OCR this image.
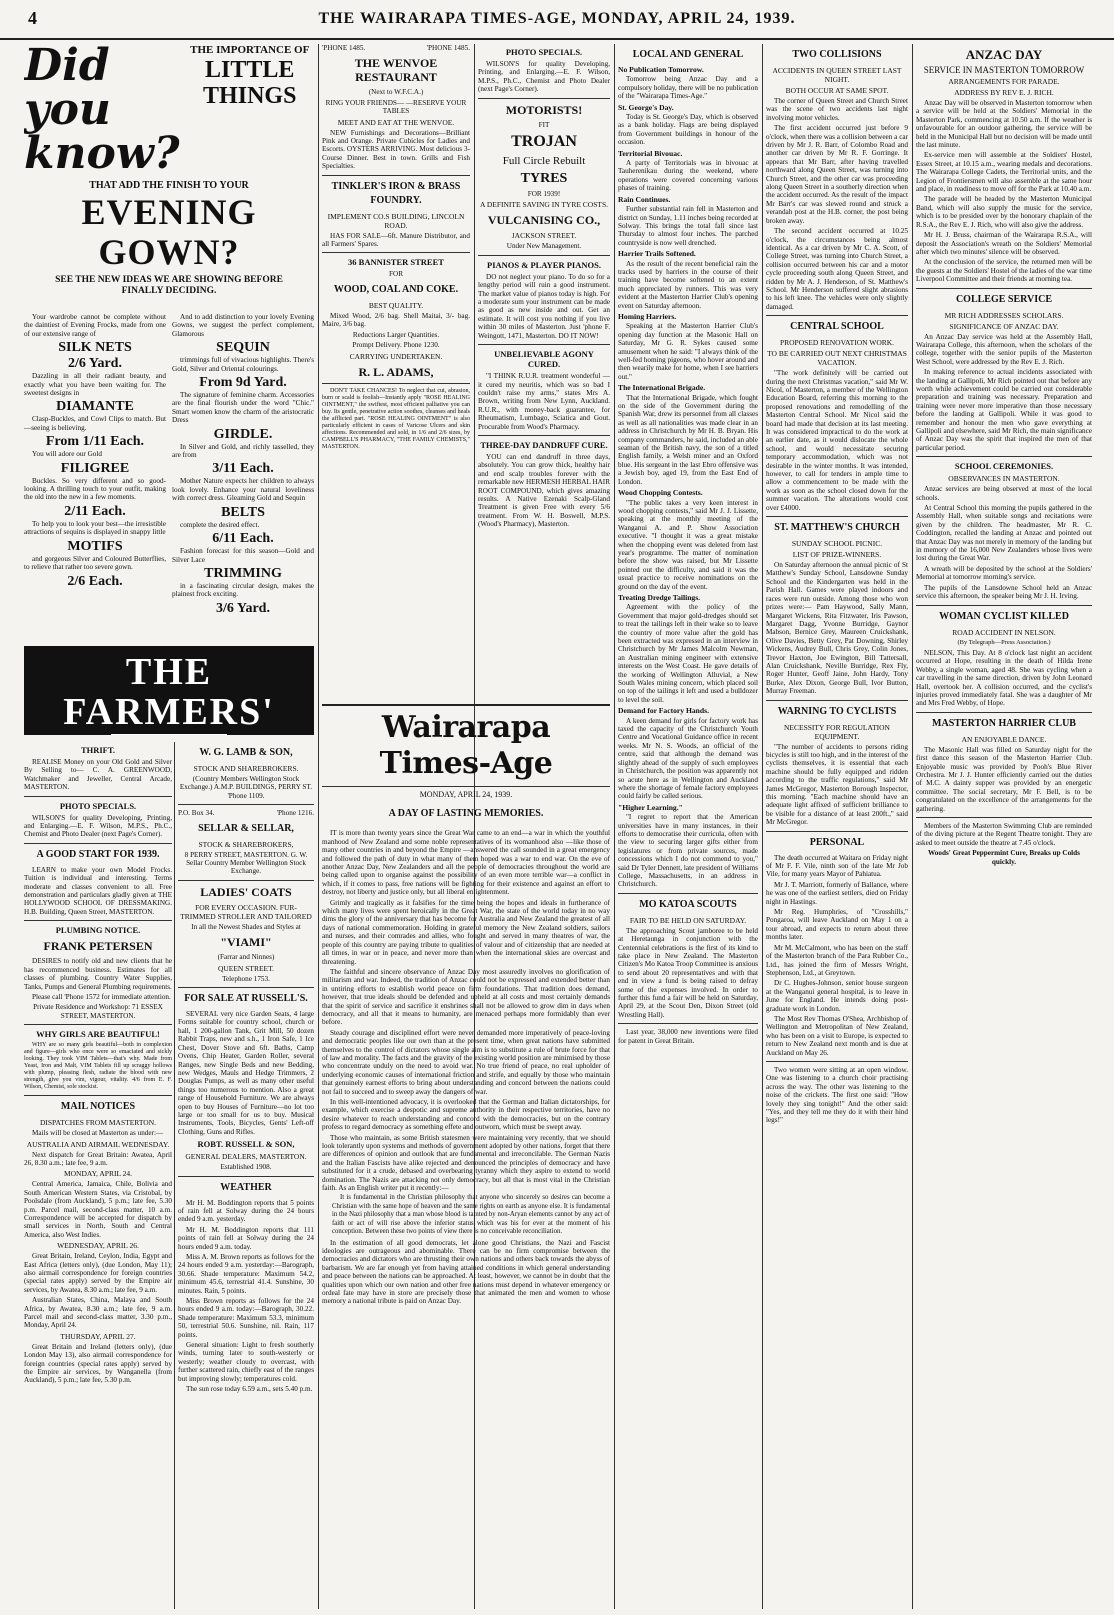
4	THE WAIRARAPA TIMES-AGE, MONDAY, APRIL 24, 1939.
Did you know?
THE IMPORTANCE OF
LITTLE THINGS
THAT ADD THE FINISH TO YOUR
EVENING GOWN?
SEE THE NEW IDEAS WE ARE SHOWING BEFORE FINALLY DECIDING.

Your wardrobe cannot be complete without the daintiest of Evening Frocks, made from one of our extensive range of

SILK NETS
2/6 Yard.

Dazzling in all their radiant beauty, and exactly what you have been waiting for. The sweetest designs in

DIAMANTE

Clasp-Buckles, and Cowl Clips to match. But—seeing is believing.

From 1/11 Each.

You will adore our Gold

FILIGREE

Buckles. So very different and so good-looking. A thrilling touch to your outfit, making the old into the new in a few moments.

2/11 Each.

To help you to look your best—the irresistible attractions of sequins is displayed in snappy little

MOTIFS

and gorgeous Silver and Coloured Butterflies, to relieve that rather too severe gown.

2/6 Each.

And to add distinction to your lovely Evening Gowns, we suggest the perfect complement, Glamorous

SEQUIN

trimmings full of vivacious highlights. There's Gold, Silver and Oriental colourings.

From 9d Yard.

The signature of feminine charm. Accessories are the final flourish under the word "Chic." Smart women know the charm of the aristocratic Dress

GIRDLE.

In Silver and Gold, and richly tasselled, they are from

3/11 Each.

Mother Nature expects her children to always look lovely. Enhance your natural loveliness with correct dress. Gleaming Gold and Sequin

BELTS

complete the desired effect.

6/11 Each.

Fashion forecast for this season—Gold and Silver Lace

TRIMMING

in a fascinating circular design, makes the plainest frock exciting.

3/6 Yard.
THE FARMERS'
THRIFT.

REALISE Money on your Old Gold and Silver By Selling to— C. A. GREENWOOD, Watchmaker and Jeweller, Central Arcade, MASTERTON.

PHOTO SPECIALS.

WILSON'S for quality Developing, Printing, and Enlarging.—E. F. Wilson, M.P.S., Ph.C., Chemist and Photo Dealer (next Page's Corner).

A GOOD START FOR 1939.

LEARN to make your own Model Frocks. Tuition is individual and interesting. Terms moderate and classes convenient to all. Free demonstration and particulars gladly given at THE HOLLYWOOD SCHOOL OF DRESSMAKING. H.B. Building, Queen Street, MASTERTON.

PLUMBING NOTICE.
FRANK PETERSEN

DESIRES to notify old and new clients that he has recommenced business. Estimates for all classes of plumbing. Country Water Supplies, Tanks, Pumps and General Plumbing requirements.

Please call 'Phone 1572 for immediate attention.

Private Residence and Workshop: 71 ESSEX STREET, MASTERTON.

WHY GIRLS ARE BEAUTIFUL!

WHY are so many girls beautiful—both in complexion and figure—girls who once were so emaciated and sickly looking. They took VIM Tablets—that's why. Made from Yeast, Iron and Malt, VIM Tablets fill up scraggy hollows with plump, pleasing flesh, radiate the blood with new strength, give you vim, vigour, vitality. 4/6 from E. F. Wilson, Chemist, sole stockist.

MAIL NOTICES
DISPATCHES FROM MASTERTON.

Mails will be closed at Masterton as under:—

AUSTRALIA AND AIRMAIL WEDNESDAY.

Next dispatch for Great Britain: Awatea, April 26, 8.30 a.m.; late fee, 9 a.m.

MONDAY, APRIL 24.

Central America, Jamaica, Chile, Bolivia and South American Western States, via Cristobal, by Poolsdale (from Auckland), 5 p.m.; late fee, 5.30 p.m. Parcel mail, second-class matter, 10 a.m. Correspondence will be accepted for dispatch by small services in North, South and Central America, also West Indies.

WEDNESDAY, APRIL 26.

Great Britain, Ireland, Ceylon, India, Egypt and East Africa (letters only), (due London, May 11); also airmail correspondence for foreign countries (special rates apply) served by the Empire air services, by Awatea, 8.30 a.m.; late fee, 9 a.m.

Australian States, China, Malaya and South Africa, by Awatea, 8.30 a.m.; late fee, 9 a.m. Parcel mail and second-class matter, 3.30 p.m., Monday, April 24.

THURSDAY, APRIL 27.

Great Britain and Ireland (letters only), (due London May 13), also airmail correspondence for foreign countries (special rates apply) served by the Empire air services, by Wanganella (from Auckland), 5 p.m.; late fee, 5.30 p.m.

W. G. LAMB & SON,
STOCK AND SHAREBROKERS.

(Country Members Wellington Stock Exchange.) A.M.P. BUILDINGS, PERRY ST. 'Phone 1109.

P.O. Box 34.	'Phone 1216.
SELLAR & SELLAR,
STOCK & SHAREBROKERS,

8 PERRY STREET, MASTERTON. G. W. Sellar Country Member Wellington Stock Exchange.

LADIES' COATS
FOR EVERY OCCASION. FUR-TRIMMED STROLLER AND TAILORED

In all the Newest Shades and Styles at

"VIAMI"

(Farrar and Ninnes)

QUEEN STREET.

Telephone 1753.

FOR SALE AT RUSSELL'S.

SEVERAL very nice Garden Seats, 4 large Forms suitable for country school, church or hall, 1 200-gallon Tank, Grit Mill, 50 dozen Rabbit Traps, new and s.h., 1 Iron Safe, 1 Ice Chest, Dover Stove and 6ft. Baths, Camp Ovens, Chip Heater, Garden Roller, several Ranges, new Single Beds and new Bedding, new Wedges, Mauls and Hedge Trimmers, 2 Douglas Pumps, as well as many other useful things too numerous to mention. Also a great range of Household Furniture. We are always open to buy Houses of Furniture—no lot too large or too small for us to buy. Musical Instruments, Tools, Bicycles, Gents' Left-off Clothing, Guns and Rifles.

ROBT. RUSSELL & SON,
GENERAL DEALERS, MASTERTON.

Established 1908.

WEATHER

Mr H. M. Boddington reports that 5 points of rain fell at Solway during the 24 hours ended 9 a.m. yesterday.

Mr H. M. Boddington reports that 111 points of rain fell at Solway during the 24 hours ended 9 a.m. today.

Miss A. M. Brown reports as follows for the 24 hours ended 9 a.m. yesterday:—Barograph, 30.66. Shade temperature: Maximum 54.2, minimum 45.6, terrestrial 41.4. Sunshine, 30 minutes. Rain, 5 points.

Miss Brown reports as follows for the 24 hours ended 9 a.m. today:—Barograph, 30.22. Shade temperature: Maximum 53.3, minimum 50, terrestrial 50.6. Sunshine, nil. Rain, 117 points.

General situation: Light to fresh southerly winds, turning later to south-westerly or westerly; weather cloudy to overcast, with further scattered rain, chiefly east of the ranges but improving slowly; temperatures cold.

The sun rose today 6.59 a.m., sets 5.40 p.m.

'PHONE 1485.	'PHONE 1485.
THE WENVOE RESTAURANT

(Next to W.F.C.A.)

RING YOUR FRIENDS— —RESERVE YOUR TABLES

MEET AND EAT AT THE WENVOE.

NEW Furnishings and Decorations—Brilliant Pink and Orange. Private Cubicles for Ladies and Escorts. OYSTERS ARRIVING. Most delicious 3-Course Dinner. Best in town. Grills and Fish Specialties.

TINKLER'S IRON & BRASS FOUNDRY.
IMPLEMENT CO.S BUILDING, LINCOLN ROAD.

HAS FOR SALE—6ft. Manure Distributor, and all Farmers' Spares.

36 BANNISTER STREET

FOR

WOOD, COAL AND COKE.
BEST QUALITY.

Mixed Wood, 2/6 bag. Shell Maitai, 3/- bag. Maire, 3/6 bag.

Reductions Larger Quantities.

Prompt Delivery. Phone 1230.

CARRYING UNDERTAKEN.
R. L. ADAMS,

DON'T TAKE CHANCES! To neglect that cut, abrasion, burn or scald is foolish—Instantly apply "ROSE HEALING OINTMENT," the swiftest, most efficient palliative you can buy. Its gentle, penetrative action soothes, cleanses and heals the afflicted part. "ROSE HEALING OINTMENT" is also particularly efficient in cases of Varicose Ulcers and skin affections. Recommended and sold, in 1/6 and 2/6 sizes, by CAMPBELL'S PHARMACY, "THE FAMILY CHEMISTS," MASTERTON.

PHOTO SPECIALS.

WILSON'S for quality Developing, Printing, and Enlarging.—E. F. Wilson, M.P.S., Ph.C., Chemist and Photo Dealer (next Page's Corner).

MOTORISTS!

FIT

TROJAN
Full Circle Rebuilt
TYRES

FOR 1939!

A DEFINITE SAVING IN TYRE COSTS.
VULCANISING CO.,
JACKSON STREET.

Under New Management.

PIANOS & PLAYER PIANOS.

DO not neglect your piano. To do so for a lengthy period will ruin a good instrument. The market value of pianos today is high. For a moderate sum your instrument can be made as good as new inside and out. Get an estimate. It will cost you nothing if you live within 30 miles of Masterton. Just 'phone F. Weingott, 1471, Masterton. DO IT NOW!

UNBELIEVABLE AGONY CURED.

"I THINK R.U.R. treatment wonderful —it cured my neuritis, which was so bad I couldn't raise my arms," states Mrs A. Brown, writing from New Lynn, Auckland. R.U.R., with money-back guarantee, for Rheumatism, Lumbago, Sciatica and Gout. Procurable from Wood's Pharmacy.

THREE-DAY DANDRUFF CURE.

YOU can end dandruff in three days, absolutely. You can grow thick, healthy hair and end scalp troubles forever with the remarkable new HERMESH HERBAL HAIR ROOT COMPOUND, which gives amazing results. A Native Ezenaki Scalp-Gland Treatment is given Free with every 5/6 treatment. From W. H. Boswell, M.P.S. (Wood's Pharmacy), Masterton.

Wairarapa Times-Age
MONDAY, APRIL 24, 1939.
A DAY OF LASTING MEMORIES.

IT is more than twenty years since the Great War came to an end—a war in which the youthful manhood of New Zealand and some noble representatives of its womanhood also —like those of many other countries in and beyond the Empire —answered the call sounded in a great emergency and followed the path of duty in what many of them hoped was a war to end war. On the eve of another Anzac Day, New Zealanders and all the people of democracies throughout the world are being called upon to organise against the possibility of an even more terrible war—a conflict in which, if it comes to pass, free nations will be fighting for their existence and against an effort to destroy, not liberty and justice only, but all liberal enlightenment.

Grimly and tragically as it falsifies for the time being the hopes and ideals in furtherance of which many lives were spent heroically in the Great War, the state of the world today in no way dims the glory of the anniversary that has become for Australia and New Zealand the greatest of all days of national commemoration. Holding in grateful memory the New Zealand soldiers, sailors and nurses, and their comrades and allies, who fought and served in many theatres of war, the people of this country are paying tribute to qualities of valour and of citizenship that are needed at all times, in war or in peace, and never more than when the international skies are overcast and threatening.

The faithful and sincere observance of Anzac Day most assuredly involves no glorification of militarism and war. Indeed, the tradition of Anzac could not be expressed and extended better than in untiring efforts to establish world peace on firm foundations. That tradition does demand, however, that true ideals should be defended and upheld at all costs and most certainly demands that the spirit of service and sacrifice it enshrines shall not be allowed to grow dim in days when democracy, and all that it means to humanity, are menaced perhaps more formidably than ever before.

Steady courage and disciplined effort were never demanded more imperatively of peace-loving and democratic peoples like our own than at the present time, when great nations have submitted themselves to the control of dictators whose single aim is to substitute a rule of brute force for that of law and morality. The facts and the gravity of the existing world position are minimised by those who concentrate unduly on the need to avoid war. No true friend of peace, no real upholder of underlying economic causes of international friction and strife, and equally by those who maintain that genuinely earnest efforts to bring about understanding and concord between the nations could not fail to succeed and to sweep away the dangers of war.

In this well-intentioned advocacy, it is overlooked that the German and Italian dictatorships, for example, which exercise a despotic and supreme authority in their respective territories, have no desire whatever to reach understanding and concord with the democracies, but on the contrary profess to regard democracy as something effete and outworn, which must be swept away.

Those who maintain, as some British statesmen were maintaining very recently, that we should look tolerantly upon systems and methods of government adopted by other nations, forget that there are differences of opinion and outlook that are fundamental and irreconcilable. The German Nazis and the Italian Fascists have alike rejected and denounced the principles of democracy and have substituted for it a crude, debased and overbearing tyranny which they aspire to extend to world domination. The Nazis are attacking not only democracy, but all that is most vital in the Christian faith. As an English writer put it recently:—

It is fundamental in the Christian philosophy that anyone who sincerely so desires can become a Christian with the same hope of heaven and the same rights on earth as anyone else. It is fundamental in the Nazi philosophy that a man whose blood is tainted by non-Aryan elements cannot by any act of faith or act of will rise above the inferior status which was his for ever at the moment of his conception. Between these two points of view there is no conceivable reconciliation.

In the estimation of all good democrats, let alone good Christians, the Nazi and Fascist ideologies are outrageous and abominable. There can be no firm compromise between the democracies and dictators who are thrusting their own nations and others back towards the abyss of barbarism. We are far enough yet from having attained conditions in which general understanding and peace between the nations can be approached. At least, however, we cannot be in doubt that the qualities upon which our own nation and other free nations must depend in whatever emergency or ordeal fate may have in store are precisely those that animated the men and women to whose memory a national tribute is paid on Anzac Day.

LOCAL AND GENERAL
No Publication Tomorrow.

Tomorrow being Anzac Day and a compulsory holiday, there will be no publication of the "Wairarapa Times-Age."

St. George's Day.

Today is St. George's Day, which is observed as a bank holiday. Flags are being displayed from Government buildings in honour of the occasion.

Territorial Bivouac.

A party of Territorials was in bivouac at Tauherenikau during the weekend, where operations were covered concerning various phases of training.

Rain Continues.

Further substantial rain fell in Masterton and district on Sunday, 1.11 inches being recorded at Solway. This brings the total fall since last Thursday to almost four inches. The parched countryside is now well drenched.

Harrier Trails Softened.

As the result of the recent beneficial rain the tracks used by harriers in the course of their training have become softened to an extent much appreciated by runners. This was very evident at the Masterton Harrier Club's opening event on Saturday afternoon.

Homing Harriers.

Speaking at the Masterton Harrier Club's opening day function at the Masonic Hall on Saturday, Mr G. R. Sykes caused some amusement when he said: "I always think of the well-fed homing pigeons, who hover around and then wearily make for home, when I see harriers out."

The International Brigade.

That the International Brigade, which fought on the side of the Government during the Spanish War, drew its personnel from all classes as well as all nationalities was made clear in an address in Christchurch by Mr H. B. Bryan. His company commanders, he said, included an able seaman of the British navy, the son of a titled English family, a Welsh miner and an Oxford blue. His sergeant in the last Ebro offensive was a Jewish boy, aged 19, from the East End of London.

Wood Chopping Contests.

"The public takes a very keen interest in wood chopping contests," said Mr J. J. Lissette, speaking at the monthly meeting of the Wanganui A. and P. Show Association executive. "I thought it was a great mistake when the chopping event was deleted from last year's programme. The matter of nomination before the show was raised, but Mr Lissette pointed out the difficulty, and said it was the usual practice to receive nominations on the ground on the day of the event.

Treating Dredge Tailings.

Agreement with the policy of the Government that major gold-dredges should set to treat the tailings left in their wake so to leave the country of more value after the gold has been extracted was expressed in an interview in Christchurch by Mr James Malcolm Newman, an Australian mining engineer with extensive interests on the West Coast. He gave details of the working of Wellington Alluvial, a New South Wales mining concern, which placed soil on top of the tailings it left and used a bulldozer to level the soil.

Demand for Factory Hands.

A keen demand for girls for factory work has taxed the capacity of the Christchurch Youth Centre and Vocational Guidance office in recent weeks. Mr N. S. Woods, an official of the centre, said that although the demand was slightly ahead of the supply of such employees in Christchurch, the position was apparently not so acute here as in Wellington and Auckland where the shortage of female factory employees could fairly be called serious.

"Higher Learning."

"I regret to report that the American universities have in many instances, in their efforts to democratise their curricula, often with the view to securing larger gifts either from legislatures or from private sources, made concessions which I do not commend to you," said Dr Tyler Dennett, late president of Williams College, Massachusetts, in an address in Christchurch.

MO KATOA SCOUTS
FAIR TO BE HELD ON SATURDAY.

The approaching Scout jamboree to be held at Heretaunga in conjunction with the Centennial celebrations is the first of its kind to take place in New Zealand. The Masterton Citizen's Mo Katoa Troop Committee is anxious to send about 20 representatives and with that end in view a fund is being raised to defray some of the expenses involved. In order to further this fund a fair will be held on Saturday, April 29, at the Scout Den, Dixon Street (old Wrestling Hall).

Last year, 38,000 new inventions were filed for patent in Great Britain.

TWO COLLISIONS
ACCIDENTS IN QUEEN STREET LAST NIGHT.
BOTH OCCUR AT SAME SPOT.

The corner of Queen Street and Church Street was the scene of two accidents last night involving motor vehicles.

The first accident occurred just before 9 o'clock, when there was a collision between a car driven by Mr J. R. Barr, of Colombo Road and another car driven by Mr R. F. Gorringe. It appears that Mr Barr, after having travelled northward along Queen Street, was turning into Church Street, and the other car was proceeding along Queen Street in a southerly direction when the accident occurred. As the result of the impact Mr Barr's car was slewed round and struck a verandah post at the H.B. corner, the post being broken away.

The second accident occurred at 10.25 o'clock, the circumstances being almost identical. As a car driven by Mr C. A. Scott, of College Street, was turning into Church Street, a collision occurred between his car and a motor cycle proceeding south along Queen Street, and ridden by Mr A. J. Henderson, of St. Matthew's School. Mr Henderson suffered slight abrasions to his left knee. The vehicles were only slightly damaged.

CENTRAL SCHOOL
PROPOSED RENOVATION WORK.
TO BE CARRIED OUT NEXT CHRISTMAS VACATION.

"The work definitely will be carried out during the next Christmas vacation," said Mr W. Nicol, of Masterton, a member of the Wellington Education Board, referring this morning to the proposed renovations and remodelling of the Masterton Central School. Mr Nicol said the board had made that decision at its last meeting. It was considered impractical to do the work at an earlier date, as it would dislocate the whole school, and would necessitate securing temporary accommodation, which was not desirable in the winter months. It was intended, however, to call for tenders in ample time to allow a commencement to be made with the work as soon as the school closed down for the summer vacation. The alterations would cost over £4000.

ST. MATTHEW'S CHURCH
SUNDAY SCHOOL PICNIC.
LIST OF PRIZE-WINNERS.

On Saturday afternoon the annual picnic of St Matthew's Sunday School, Lansdowne Sunday School and the Kindergarten was held in the Parish Hall. Games were played indoors and races were run outside. Among those who won prizes were:— Pam Haywood, Sally Mann, Margaret Wickens, Rita Fitzwater, Iris Pawson, Margaret Dagg, Yvonne Burridge, Gaynor Mabson, Bernice Grey, Maureen Cruickshank, Olive Davies, Betty Grey, Pat Downing, Shirley Wickens, Audrey Bull, Chris Grey, Colin Jones, Trevor Haxton, Joe Ewington, Bill Tattersall, Alan Cruickshank, Neville Burridge, Rex Fly, Roger Hunter, Geoff Jaine, John Hardy, Tony Burke, Alex Dixon, George Bull, Ivor Button, Murray Freeman.

WARNING TO CYCLISTS
NECESSITY FOR REGULATION EQUIPMENT.

"The number of accidents to persons riding bicycles is still too high, and in the interest of the cyclists themselves, it is essential that each machine should be fully equipped and ridden according to the traffic regulations," said Mr James McGregor, Masterton Borough Inspector, this morning. "Each machine should have an adequate light affixed of sufficient brilliance to be visible for a distance of at least 200ft.," said Mr McGregor.

PERSONAL

The death occurred at Waitara on Friday night of Mr F. F. Vile, ninth son of the late Mr Job Vile, for many years Mayor of Pahiatua.

Mr J. T. Marriott, formerly of Ballance, where he was one of the earliest settlers, died on Friday night in Hastings.

Mr Reg. Humphries, of "Crosshills," Pongaroa, will leave Auckland on May 1 on a tour abroad, and expects to return about three months later.

Mr M. McCalmont, who has been on the staff of the Masterton branch of the Para Rubber Co., Ltd., has joined the firm of Messrs Wright, Stephenson, Ltd., at Greytown.

Dr C. Hughes-Johnson, senior house surgeon at the Wanganui general hospital, is to leave in June for England. He intends doing post-graduate work in London.

The Most Rev Thomas O'Shea, Archbishop of Wellington and Metropolitan of New Zealand, who has been on a visit to Europe, is expected to return to New Zealand next month and is due at Auckland on May 26.

Two women were sitting at an open window. One was listening to a church choir practising across the way. The other was listening to the noise of the crickets. The first one said: "How lovely they sing tonight!" And the other said: "Yes, and they tell me they do it with their hind legs!"

ANZAC DAY
SERVICE IN MASTERTON TOMORROW
ARRANGEMENTS FOR PARADE.
ADDRESS BY REV E. J. RICH.

Anzac Day will be observed in Masterton tomorrow when a service will be held at the Soldiers' Memorial in the Masterton Park, commencing at 10.50 a.m. If the weather is unfavourable for an outdoor gathering, the service will be held in the Municipal Hall but no decision will be made until the last minute.

Ex-service men will assemble at the Soldiers' Hostel, Essex Street, at 10.15 a.m., wearing medals and decorations. The Wairarapa College Cadets, the Territorial units, and the Legion of Frontiersmen will also assemble at the same hour and place, in readiness to move off for the Park at 10.40 a.m.

The parade will be headed by the Masterton Municipal Band, which will also supply the music for the service, which is to be presided over by the honorary chaplain of the R.S.A., the Rev E. J. Rich, who will also give the address.

Mr H. J. Bruss, chairman of the Wairarapa R.S.A., will deposit the Association's wreath on the Soldiers' Memorial after which two minutes' silence will be observed.

At the conclusion of the service, the returned men will be the guests at the Soldiers' Hostel of the ladies of the war time Liverpool Committee and their friends at morning tea.

COLLEGE SERVICE
MR RICH ADDRESSES SCHOLARS.
SIGNIFICANCE OF ANZAC DAY.

An Anzac Day service was held at the Assembly Hall, Wairarapa College, this afternoon, when the scholars of the college, together with the senior pupils of the Masterton West School, were addressed by the Rev E. J. Rich.

In making reference to actual incidents associated with the landing at Gallipoli, Mr Rich pointed out that before any worth while achievement could be carried out considerable preparation and training was necessary. Preparation and training were never more imperative than those necessary before the landing at Gallipoli. While it was good to remember and honour the men who gave everything at Gallipoli and elsewhere, said Mr Rich, the main significance of Anzac Day was the spirit that inspired the men of that particular period.

SCHOOL CEREMONIES.
OBSERVANCES IN MASTERTON.

Anzac services are being observed at most of the local schools.

At Central School this morning the pupils gathered in the Assembly Hall, when suitable songs and recitations were given by the children. The headmaster, Mr R. C. Coddington, recalled the landing at Anzac and pointed out that Anzac Day was not merely in memory of the landing but in memory of the 16,000 New Zealanders whose lives were lost during the Great War.

A wreath will be deposited by the school at the Soldiers' Memorial at tomorrow morning's service.

The pupils of the Lansdowne School held an Anzac service this afternoon, the speaker being Mr J. H. Irving.

WOMAN CYCLIST KILLED
ROAD ACCIDENT IN NELSON.

(By Telegraph—Press Association.)

NELSON, This Day. At 8 o'clock last night an accident occurred at Hope, resulting in the death of Hilda Irene Webby, a single woman, aged 48. She was cycling when a car travelling in the same direction, driven by John Leonard Hall, overtook her. A collision occurred, and the cyclist's injuries proved immediately fatal. She was a daughter of Mr and Mrs Fred Webby, of Hope.

MASTERTON HARRIER CLUB
AN ENJOYABLE DANCE.

The Masonic Hall was filled on Saturday night for the first dance this season of the Masterton Harrier Club. Enjoyable music was provided by Pooh's Blue River Orchestra. Mr J. J. Hunter efficiently carried out the duties of M.C. A dainty supper was provided by an energetic committee. The social secretary, Mr F. Bell, is to be congratulated on the excellence of the arrangements for the gathering.

Members of the Masterton Swimming Club are reminded of the diving picture at the Regent Theatre tonight. They are asked to meet outside the theatre at 7.45 o'clock.

Woods' Great Peppermint Cure, Breaks up Colds quickly.
